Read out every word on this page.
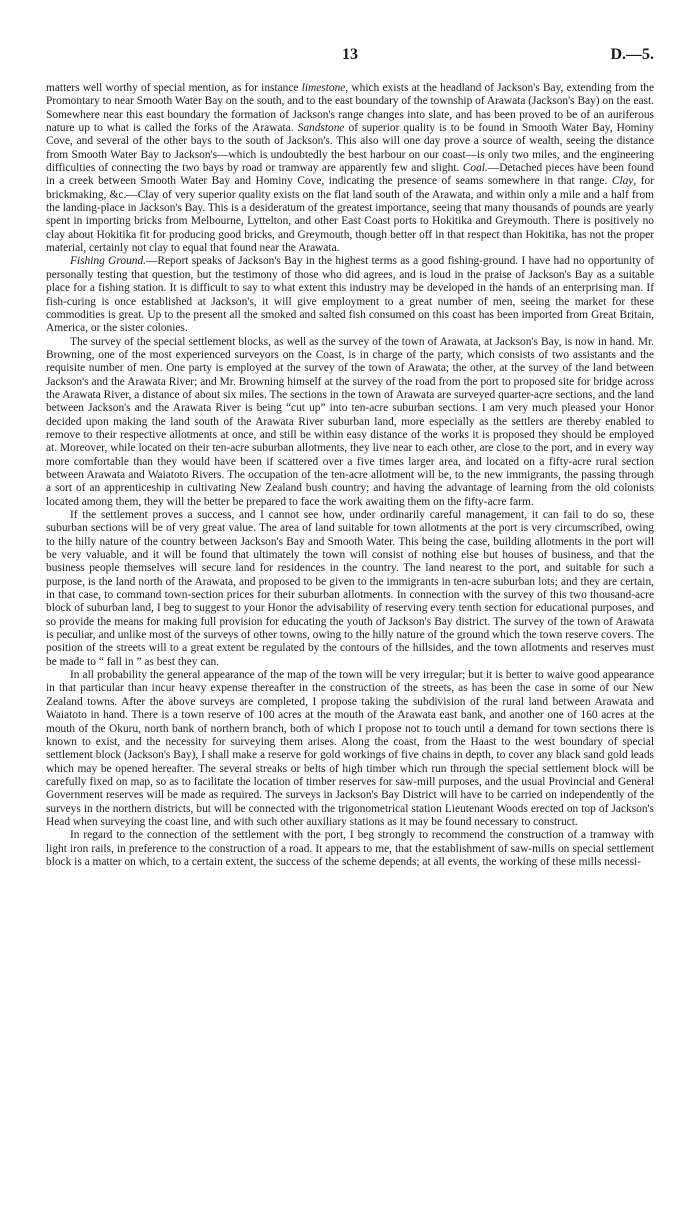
13	D.—5.

matters well worthy of special mention, as for instance limestone, which exists at the headland of Jackson's Bay, extending from the Promontary to near Smooth Water Bay on the south, and to the east boundary of the township of Arawata (Jackson's Bay) on the east. Somewhere near this east boundary the formation of Jackson's range changes into slate, and has been proved to be of an auriferous nature up to what is called the forks of the Arawata. Sandstone of superior quality is to be found in Smooth Water Bay, Hominy Cove, and several of the other bays to the south of Jackson's. This also will one day prove a source of wealth, seeing the distance from Smooth Water Bay to Jackson's—which is undoubtedly the best harbour on our coast—is only two miles, and the engineering difficulties of connecting the two bays by road or tramway are apparently few and slight. Coal.—Detached pieces have been found in a creek between Smooth Water Bay and Hominy Cove, indicating the presence of seams somewhere in that range. Clay, for brickmaking, &c.—Clay of very superior quality exists on the flat land south of the Arawata, and within only a mile and a half from the landing-place in Jackson's Bay. This is a desideratum of the greatest importance, seeing that many thousands of pounds are yearly spent in importing bricks from Melbourne, Lyttelton, and other East Coast ports to Hokitika and Greymouth. There is positively no clay about Hokitika fit for producing good bricks, and Greymouth, though better off in that respect than Hokitika, has not the proper material, certainly not clay to equal that found near the Arawata.

Fishing Ground.—Report speaks of Jackson's Bay in the highest terms as a good fishing-ground. I have had no opportunity of personally testing that question, but the testimony of those who did agrees, and is loud in the praise of Jackson's Bay as a suitable place for a fishing station. It is difficult to say to what extent this industry may be developed in the hands of an enterprising man. If fish-curing is once established at Jackson's, it will give employment to a great number of men, seeing the market for these commodities is great. Up to the present all the smoked and salted fish consumed on this coast has been imported from Great Britain, America, or the sister colonies.

The survey of the special settlement blocks, as well as the survey of the town of Arawata, at Jackson's Bay, is now in hand. Mr. Browning, one of the most experienced surveyors on the Coast, is in charge of the party, which consists of two assistants and the requisite number of men. One party is employed at the survey of the town of Arawata; the other, at the survey of the land between Jackson's and the Arawata River; and Mr. Browning himself at the survey of the road from the port to proposed site for bridge across the Arawata River, a distance of about six miles. The sections in the town of Arawata are surveyed quarter-acre sections, and the land between Jackson's and the Arawata River is being “cut up” into ten-acre suburban sections. I am very much pleased your Honor decided upon making the land south of the Arawata River suburban land, more especially as the settlers are thereby enabled to remove to their respective allotments at once, and still be within easy distance of the works it is proposed they should be employed at. Moreover, while located on their ten-acre suburban allotments, they live near to each other, are close to the port, and in every way more comfortable than they would have been if scattered over a five times larger area, and located on a fifty-acre rural section between Arawata and Waiatoto Rivers. The occupation of the ten-acre allotment will be, to the new immigrants, the passing through a sort of an apprenticeship in cultivating New Zealand bush country; and having the advantage of learning from the old colonists located among them, they will the better be prepared to face the work awaiting them on the fifty-acre farm.

If the settlement proves a success, and I cannot see how, under ordinarily careful management, it can fail to do so, these suburban sections will be of very great value. The area of land suitable for town allotments at the port is very circumscribed, owing to the hilly nature of the country between Jackson's Bay and Smooth Water. This being the case, building allotments in the port will be very valuable, and it will be found that ultimately the town will consist of nothing else but houses of business, and that the business people themselves will secure land for residences in the country. The land nearest to the port, and suitable for such a purpose, is the land north of the Arawata, and proposed to be given to the immigrants in ten-acre suburban lots; and they are certain, in that case, to command town-section prices for their suburban allotments. In connection with the survey of this two thousand-acre block of suburban land, I beg to suggest to your Honor the advisability of reserving every tenth section for educational purposes, and so provide the means for making full provision for educating the youth of Jackson's Bay district. The survey of the town of Arawata is peculiar, and unlike most of the surveys of other towns, owing to the hilly nature of the ground which the town reserve covers. The position of the streets will to a great extent be regulated by the contours of the hillsides, and the town allotments and reserves must be made to “ fall in ” as best they can.

In all probability the general appearance of the map of the town will be very irregular; but it is better to waive good appearance in that particular than incur heavy expense thereafter in the construction of the streets, as has been the case in some of our New Zealand towns. After the above surveys are completed, I propose taking the subdivision of the rural land between Arawata and Waiatoto in hand. There is a town reserve of 100 acres at the mouth of the Arawata east bank, and another one of 160 acres at the mouth of the Okuru, north bank of northern branch, both of which I propose not to touch until a demand for town sections there is known to exist, and the necessity for surveying them arises. Along the coast, from the Haast to the west boundary of special settlement block (Jackson's Bay), I shall make a reserve for gold workings of five chains in depth, to cover any black sand gold leads which may be opened hereafter. The several streaks or belts of high timber which run through the special settlement block will be carefully fixed on map, so as to facilitate the location of timber reserves for saw-mill purposes, and the usual Provincial and General Government reserves will be made as required. The surveys in Jackson's Bay District will have to be carried on independently of the surveys in the northern districts, but will be connected with the trigonometrical station Lieutenant Woods erected on top of Jackson's Head when surveying the coast line, and with such other auxiliary stations as it may be found necessary to construct.

In regard to the connection of the settlement with the port, I beg strongly to recommend the construction of a tramway with light iron rails, in preference to the construction of a road. It appears to me, that the establishment of saw-mills on special settlement block is a matter on which, to a certain extent, the success of the scheme depends; at all events, the working of these mills necessi-
